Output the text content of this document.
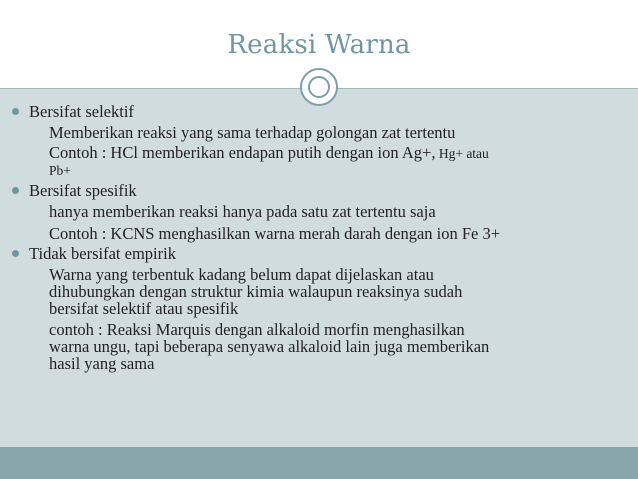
Reaksi Warna

Bersifat selektif

Memberikan reaksi yang sama terhadap golongan zat tertentu

Contoh : HCl memberikan endapan putih dengan ion Ag+, Hg+ atau

Pb+

Bersifat spesifik

hanya memberikan reaksi hanya pada satu zat tertentu saja

Contoh : KCNS menghasilkan warna merah darah dengan ion Fe 3+

Tidak bersifat empirik

Warna yang terbentuk kadang belum dapat dijelaskan atau

dihubungkan dengan struktur kimia walaupun reaksinya sudah

bersifat selektif atau spesifik

contoh : Reaksi Marquis dengan alkaloid morfin menghasilkan

warna ungu, tapi beberapa senyawa alkaloid lain juga memberikan

hasil yang sama
